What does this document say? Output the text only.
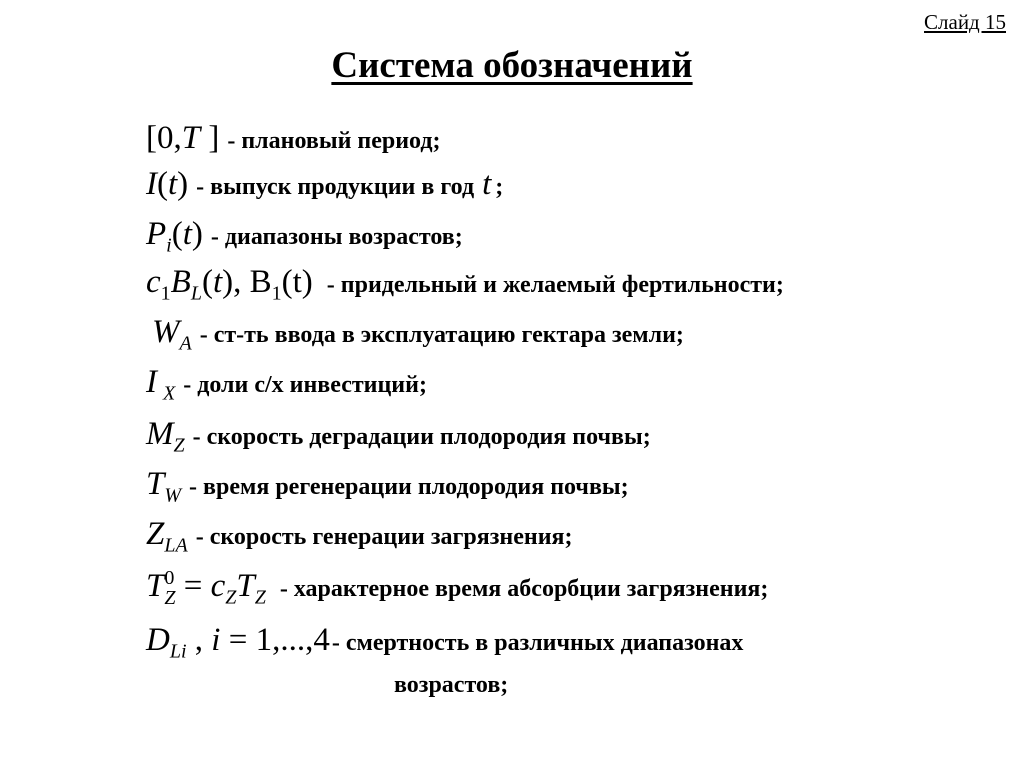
Слайд 15
Система обозначений
[0,T ] - плановый период;
I(t) - выпуск продукции в год t ;
$P_i(t)$ - диапазоны возрастов;
$c_1B_L(t)$, $B_1(t)$ - придельный и желаемый фертильности;
$W_A - ст-ть$ ввода в эксплуатацию гектара земли;
I $_X$ - доли с/х инвестиций;
$M_Z$ - скорость деградации плодородия почвы;
$T_W$ - время регенерации плодородия почвы;
$Z_{LA}$ - скорость генерации загрязнения;
$T^0_Z = c_ZT_Z$ - характерное время абсорбции загрязнения;
$D_{Li}$ , i = 1,...,4 - смертность в различных диапазонах
возрастов;
